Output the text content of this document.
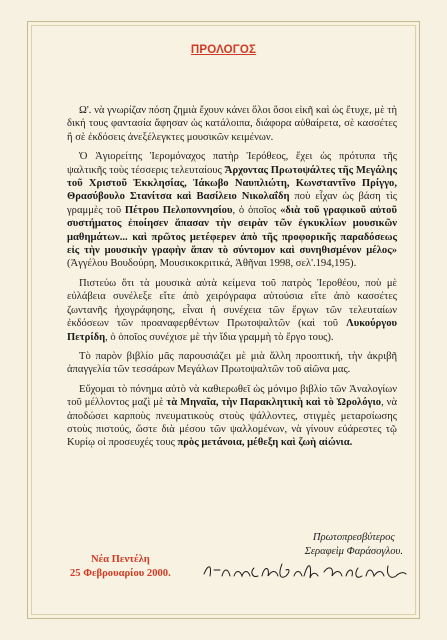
ΠΡΟΛΟΓΟΣ

Ω'. νὰ γνωρίζαν πόση ζημιὰ ἔχουν κάνει ὅλοι ὅσοι εἰκῆ καὶ ὡς ἔτυχε, μὲ τὴ δική τους φαντασία ἄφησαν ὡς κατάλοιπα, διάφορα αὐθαίρετα, σὲ κασσέτες ἢ σὲ ἐκδόσεις ἀνεξέλεγκτες μουσικῶν κειμένων.

Ὁ Ἁγιορείτης Ἱερομόναχος πατὴρ Ἱερόθεος, ἔχει ὡς πρότυπα τῆς ψαλτικῆς τοὺς τέσσερις τελευταίους Ἄρχοντας Πρωτοψάλτες τῆς Μεγάλης τοῦ Χριστοῦ Ἐκκλησίας, Ἰάκωβο Ναυπλιώτη, Κωνσταντῖνο Πρίγγο, Θρασύβουλο Στανίτσα καὶ Βασίλειο Νικολαΐδη ποὺ εἶχαν ὡς βάση τὶς γραμμὲς τοῦ Πέτρου Πελοποννησίου, ὁ ὁποῖος «διὰ τοῦ γραφικοῦ αὐτοῦ συστήματος ἐποίησεν ἅπασαν τὴν σειρὰν τῶν ἐγκυκλίων μουσικῶν μαθημάτων... καὶ πρῶτος μετέφερεν ἀπὸ τῆς προφορικῆς παραδόσεως εἰς τὴν μουσικὴν γραφὴν ἅπαν τὸ σύντομον καὶ συνηθισμένον μέλος» (Ἀγγέλου Βουδούρη, Μουσικοκριτικά, Ἀθῆναι 1998, σελ'.194,195).

Πιστεύω ὅτι τὰ μουσικὰ αὐτὰ κείμενα τοῦ πατρὸς Ἱεροθέου, ποὺ μὲ εὐλάβεια συνέλεξε εἴτε ἀπὸ χειρόγραφα αὐτούσια εἴτε ἀπὸ κασσέτες ζωντανῆς ἠχογράφησης, εἶναι ἡ συνέχεια τῶν ἔργων τῶν τελευταίων ἐκδόσεων τῶν προαναφερθέντων Πρωτοψαλτῶν (καὶ τοῦ Λυκούργου Πετρίδη, ὁ ὁποῖος συνέχισε μὲ τὴν ἴδια γραμμὴ τὸ ἔργο τους).

Τὸ παρὸν βιβλίο μᾶς παρουσιάζει μὲ μιὰ ἄλλη προοπτική, τὴν ἀκριβῆ ἀπαγγελία τῶν τεσσάρων Μεγάλων Πρωτοψαλτῶν τοῦ αἰῶνα μας.

Εὔχομαι τὸ πόνημα αὐτὸ νὰ καθιερωθεῖ ὡς μόνιμο βιβλίο τῶν Ἀναλογίων τοῦ μέλλοντος μαζὶ μὲ τὰ Μηναῖα, τὴν Παρακλητικὴ καὶ τὸ Ὡρολόγιο, νὰ ἀποδώσει καρποὺς πνευματικοὺς στοὺς ψάλλοντες, στιγμὲς μεταρσίωσης στοὺς πιστούς, ὥστε διὰ μέσου τῶν ψαλλομένων, νὰ γίνουν εὐάρεστες τῷ Κυρίῳ οἱ προσευχές τους πρὸς μετάνοια, μέθεξη καὶ ζωὴ αἰώνια.

Πρωτοπρεσβύτερος
Σεραφεὶμ Φαράσογλου.
Νέα Πεντέλη
25 Φεβρουαρίου 2000.
